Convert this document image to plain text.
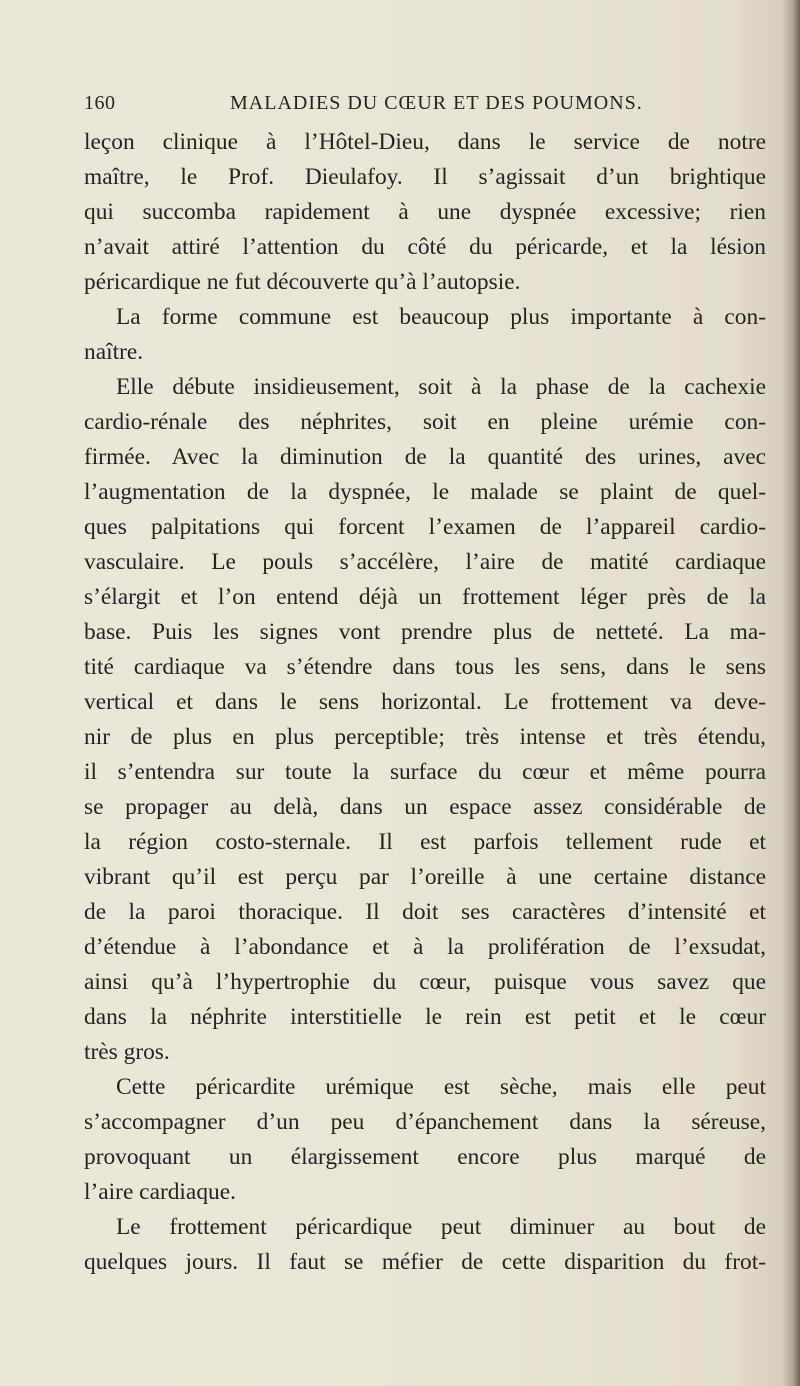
160	MALADIES DU CŒUR ET DES POUMONS.
leçon clinique à l’Hôtel-Dieu, dans le service de notre
maître, le Prof. Dieulafoy. Il s’agissait d’un brightique
qui succomba rapidement à une dyspnée excessive; rien
n’avait attiré l’attention du côté du péricarde, et la lésion
péricardique ne fut découverte qu’à l’autopsie.
La forme commune est beaucoup plus importante à con-
naître.
Elle débute insidieusement, soit à la phase de la cachexie
cardio-rénale des néphrites, soit en pleine urémie con-
firmée. Avec la diminution de la quantité des urines, avec
l’augmentation de la dyspnée, le malade se plaint de quel-
ques palpitations qui forcent l’examen de l’appareil cardio-
vasculaire. Le pouls s’accélère, l’aire de matité cardiaque
s’élargit et l’on entend déjà un frottement léger près de la
base. Puis les signes vont prendre plus de netteté. La ma-
tité cardiaque va s’étendre dans tous les sens, dans le sens
vertical et dans le sens horizontal. Le frottement va deve-
nir de plus en plus perceptible; très intense et très étendu,
il s’entendra sur toute la surface du cœur et même pourra
se propager au delà, dans un espace assez considérable de
la région costo-sternale. Il est parfois tellement rude et
vibrant qu’il est perçu par l’oreille à une certaine distance
de la paroi thoracique. Il doit ses caractères d’intensité et
d’étendue à l’abondance et à la prolifération de l’exsudat,
ainsi qu’à l’hypertrophie du cœur, puisque vous savez que
dans la néphrite interstitielle le rein est petit et le cœur
très gros.
Cette péricardite urémique est sèche, mais elle peut
s’accompagner d’un peu d’épanchement dans la séreuse,
provoquant un élargissement encore plus marqué de
l’aire cardiaque.
Le frottement péricardique peut diminuer au bout de
quelques jours. Il faut se méfier de cette disparition du frot-
